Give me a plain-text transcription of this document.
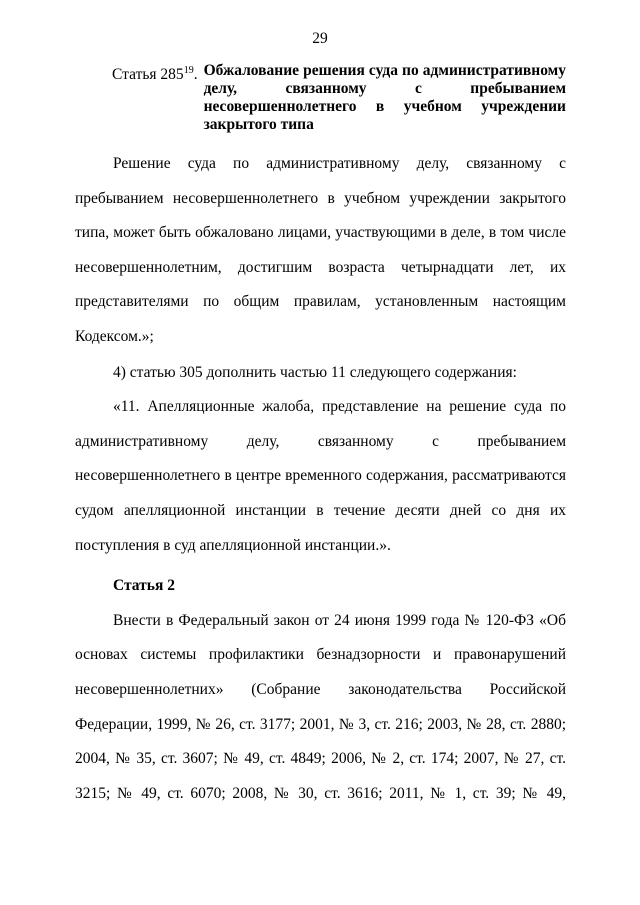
29
Статья $285^{19}$. Обжалование решения суда по административному делу, связанному с пребыванием несовершеннолетнего в учебном учреждении закрытого типа

Решение суда по административному делу, связанному с пребыванием несовершеннолетнего в учебном учреждении закрытого типа, может быть обжаловано лицами, участвующими в деле, в том числе несовершеннолетним, достигшим возраста четырнадцати лет, их представителями по общим правилам, установленным настоящим Кодексом.»;

4) статью 305 дополнить частью 11 следующего содержания:

«11. Апелляционные жалоба, представление на решение суда по административному делу, связанному с пребыванием несовершеннолетнего в центре временного содержания, рассматриваются судом апелляционной инстанции в течение десяти дней со дня их поступления в суд апелляционной инстанции.».

Статья 2

Внести в Федеральный закон от 24 июня 1999 года № 120-ФЗ «Об основах системы профилактики безнадзорности и правонарушений несовершеннолетних» (Собрание законодательства Российской Федерации, 1999, № 26, ст. 3177; 2001, № 3, ст. 216; 2003, № 28, ст. 2880; 2004, № 35, ст. 3607; № 49, ст. 4849; 2006, № 2, ст. 174; 2007, № 27, ст. 3215; № 49, ст. 6070; 2008, № 30, ст. 3616; 2011, № 1, ст. 39; № 49,
